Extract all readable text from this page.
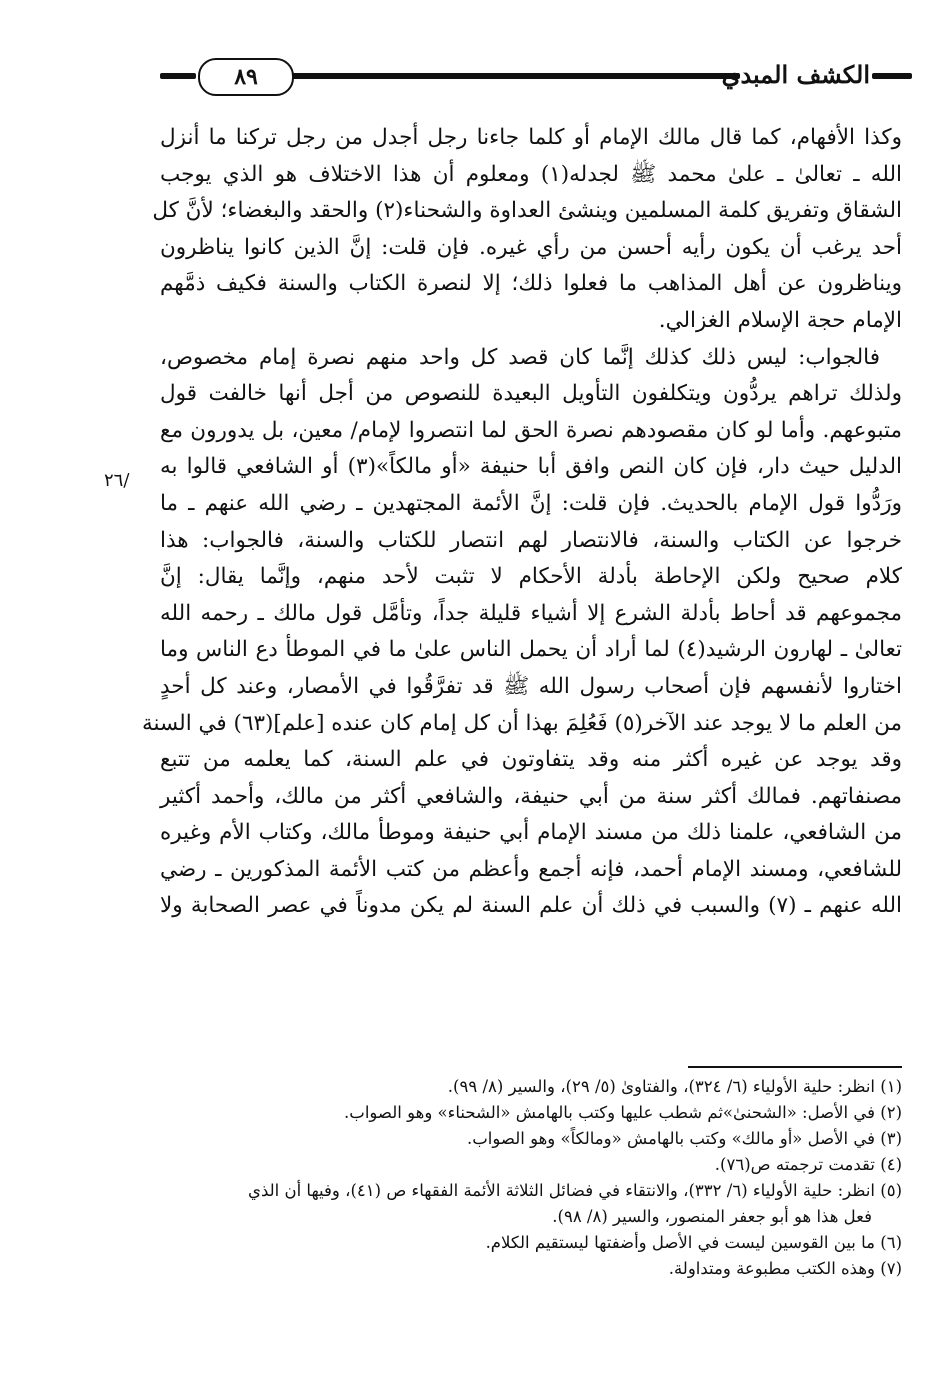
٨٩	الكشف المبدي
/٢٦
وكذا الأفهام، كما قال مالك الإمام أو كلما جاءنا رجل أجدل من رجل تركنا ما أنزل
الله ـ تعالىٰ ـ علىٰ محمد ﷺ لجدله(١) ومعلوم أن هذا الاختلاف هو الذي يوجب
الشقاق وتفريق كلمة المسلمين وينشئ العداوة والشحناء(٢) والحقد والبغضاء؛ لأنَّ كل
أحد يرغب أن يكون رأيه أحسن من رأي غيره. فإن قلت: إنَّ الذين كانوا يناظرون
ويناظرون عن أهل المذاهب ما فعلوا ذلك؛ إلا لنصرة الكتاب والسنة فكيف ذمَّهم
الإمام حجة الإسلام الغزالي.
فالجواب: ليس ذلك كذلك إنَّما كان قصد كل واحد منهم نصرة إمام مخصوص،
ولذلك تراهم يردُّون ويتكلفون التأويل البعيدة للنصوص من أجل أنها خالفت قول
متبوعهم. وأما لو كان مقصودهم نصرة الحق لما انتصروا لإمام/ معين، بل يدورون مع
الدليل حيث دار، فإن كان النص وافق أبا حنيفة «أو مالكاً»(٣) أو الشافعي قالوا به
ورَدُّوا قول الإمام بالحديث. فإن قلت: إنَّ الأئمة المجتهدين ـ رضي الله عنهم ـ ما
خرجوا عن الكتاب والسنة، فالانتصار لهم انتصار للكتاب والسنة، فالجواب: هذا
كلام صحيح ولكن الإحاطة بأدلة الأحكام لا تثبت لأحد منهم، وإنَّما يقال: إنَّ
مجموعهم قد أحاط بأدلة الشرع إلا أشياء قليلة جداً، وتأمَّل قول مالك ـ رحمه الله
تعالىٰ ـ لهارون الرشيد(٤) لما أراد أن يحمل الناس علىٰ ما في الموطأ دع الناس وما
اختاروا لأنفسهم فإن أصحاب رسول الله ﷺ قد تفرَّقُوا في الأمصار، وعند كل أحدٍ
من العلم ما لا يوجد عند الآخر(٥) فَعُلِمَ بهذا أن كل إمام كان عنده [علم](٦٣) في السنة
وقد يوجد عن غيره أكثر منه وقد يتفاوتون في علم السنة، كما يعلمه من تتبع
مصنفاتهم. فمالك أكثر سنة من أبي حنيفة، والشافعي أكثر من مالك، وأحمد أكثير
من الشافعي، علمنا ذلك من مسند الإمام أبي حنيفة وموطأ مالك، وكتاب الأم وغيره
للشافعي، ومسند الإمام أحمد، فإنه أجمع وأعظم من كتب الأئمة المذكورين ـ رضي
الله عنهم ـ (٧) والسبب في ذلك أن علم السنة لم يكن مدوناً في عصر الصحابة ولا
(١) انظر: حلية الأولياء (٦/ ٣٢٤)، والفتاوىٰ (٥/ ٢٩)، والسير (٨/ ٩٩).
(٢) في الأصل: «الشحنىٰ»ثم شطب عليها وكتب بالهامش «الشحناء» وهو الصواب.
(٣) في الأصل «أو مالك» وكتب بالهامش «ومالكاً» وهو الصواب.
(٤) تقدمت ترجمته ص(٧٦).
(٥) انظر: حلية الأولياء (٦/ ٣٣٢)، والانتقاء في فضائل الثلاثة الأئمة الفقهاء ص (٤١)، وفيها أن الذي
فعل هذا هو أبو جعفر المنصور، والسير (٨/ ٩٨).
(٦) ما بين القوسين ليست في الأصل وأضفتها ليستقيم الكلام.
(٧) وهذه الكتب مطبوعة ومتداولة.
